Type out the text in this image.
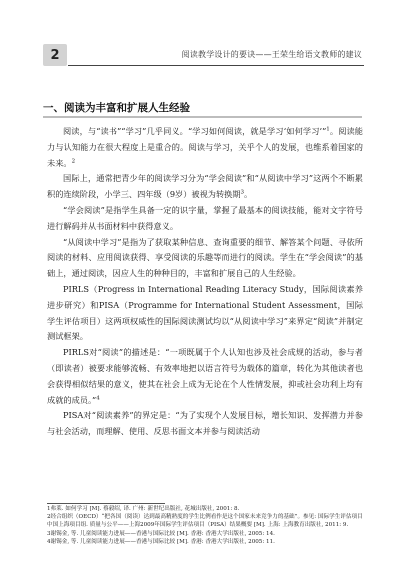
2	阅读教学设计的要诀——王荣生给语文教师的建议
一、阅读为丰富和扩展人生经验

阅读，与“读书”“学习”几乎同义。“学习如何阅读，就是学习‘如何学习’”$^1$。阅读能力与认知能力在很大程度上是重合的。阅读与学习，关乎个人的发展，也维系着国家的未来。$^2$

国际上，通常把青少年的阅读学习分为“学会阅读”和“从阅读中学习”这两个不断累积的连续阶段，小学三、四年级（9岁）被视为转换期$^3$。

“学会阅读”是指学生具备一定的识字量，掌握了最基本的阅读技能，能对文字符号进行解码并从书面材料中获得意义。

“从阅读中学习”是指为了获取某种信息、查询重要的细节、解答某个问题、寻依所阅读的材料、应用阅读获得、享受阅读的乐趣等而进行的阅读。学生在“学会阅读”的基础上，通过阅读，因应人生的种种目的，丰富和扩展自己的人生经验。

PIRLS（Progress in International Reading Literacy Study，国际阅读素养进步研究）和PISA（Programme for International Student Assessment，国际学生评估项目）这两项权威性的国际阅读测试均以“从阅读中学习”来界定“阅读”并制定测试框架。

PIRLS对“阅读”的描述是：“一项既属于个人认知也涉及社会成规的活动，参与者（即读者）被要求能够流畅、有效率地把以语言符号为载体的篇章，转化为其他读者也会获得相似结果的意义，使其在社会上成为无论在个人性情发展，抑或社会功利上均有成就的成员。”$^4$

PISA对“阅读素养”的界定是：“为了实现个人发展目标，增长知识、发挥潜力并参与社会活动，而理解、使用、反思书面文本并参与阅读活动

1弗莱. 如何学习 [M]. 蔡毅绍, 译. 广州: 新世纪出版社, 花城出版社, 2001: 8.

2经合组织（OECD）“把各国（阅读）达到最高精熟度的学生比例看作是这个国家未来竞争力的基础”。参见: 国际学生评估项目中国上海项目组. 质量与公平——上海2009年国际学生评估项目（PISA）结果概要 [M]. 上海: 上海教育出版社, 2011: 9.

3谢锡金, 等. 儿童阅读能力进展——香港与国际比较 [M]. 香港: 香港大学出版社, 2005: 14.

4谢锡金, 等. 儿童阅读能力进展——香港与国际比较 [M]. 香港: 香港大学出版社, 2005: 11.
